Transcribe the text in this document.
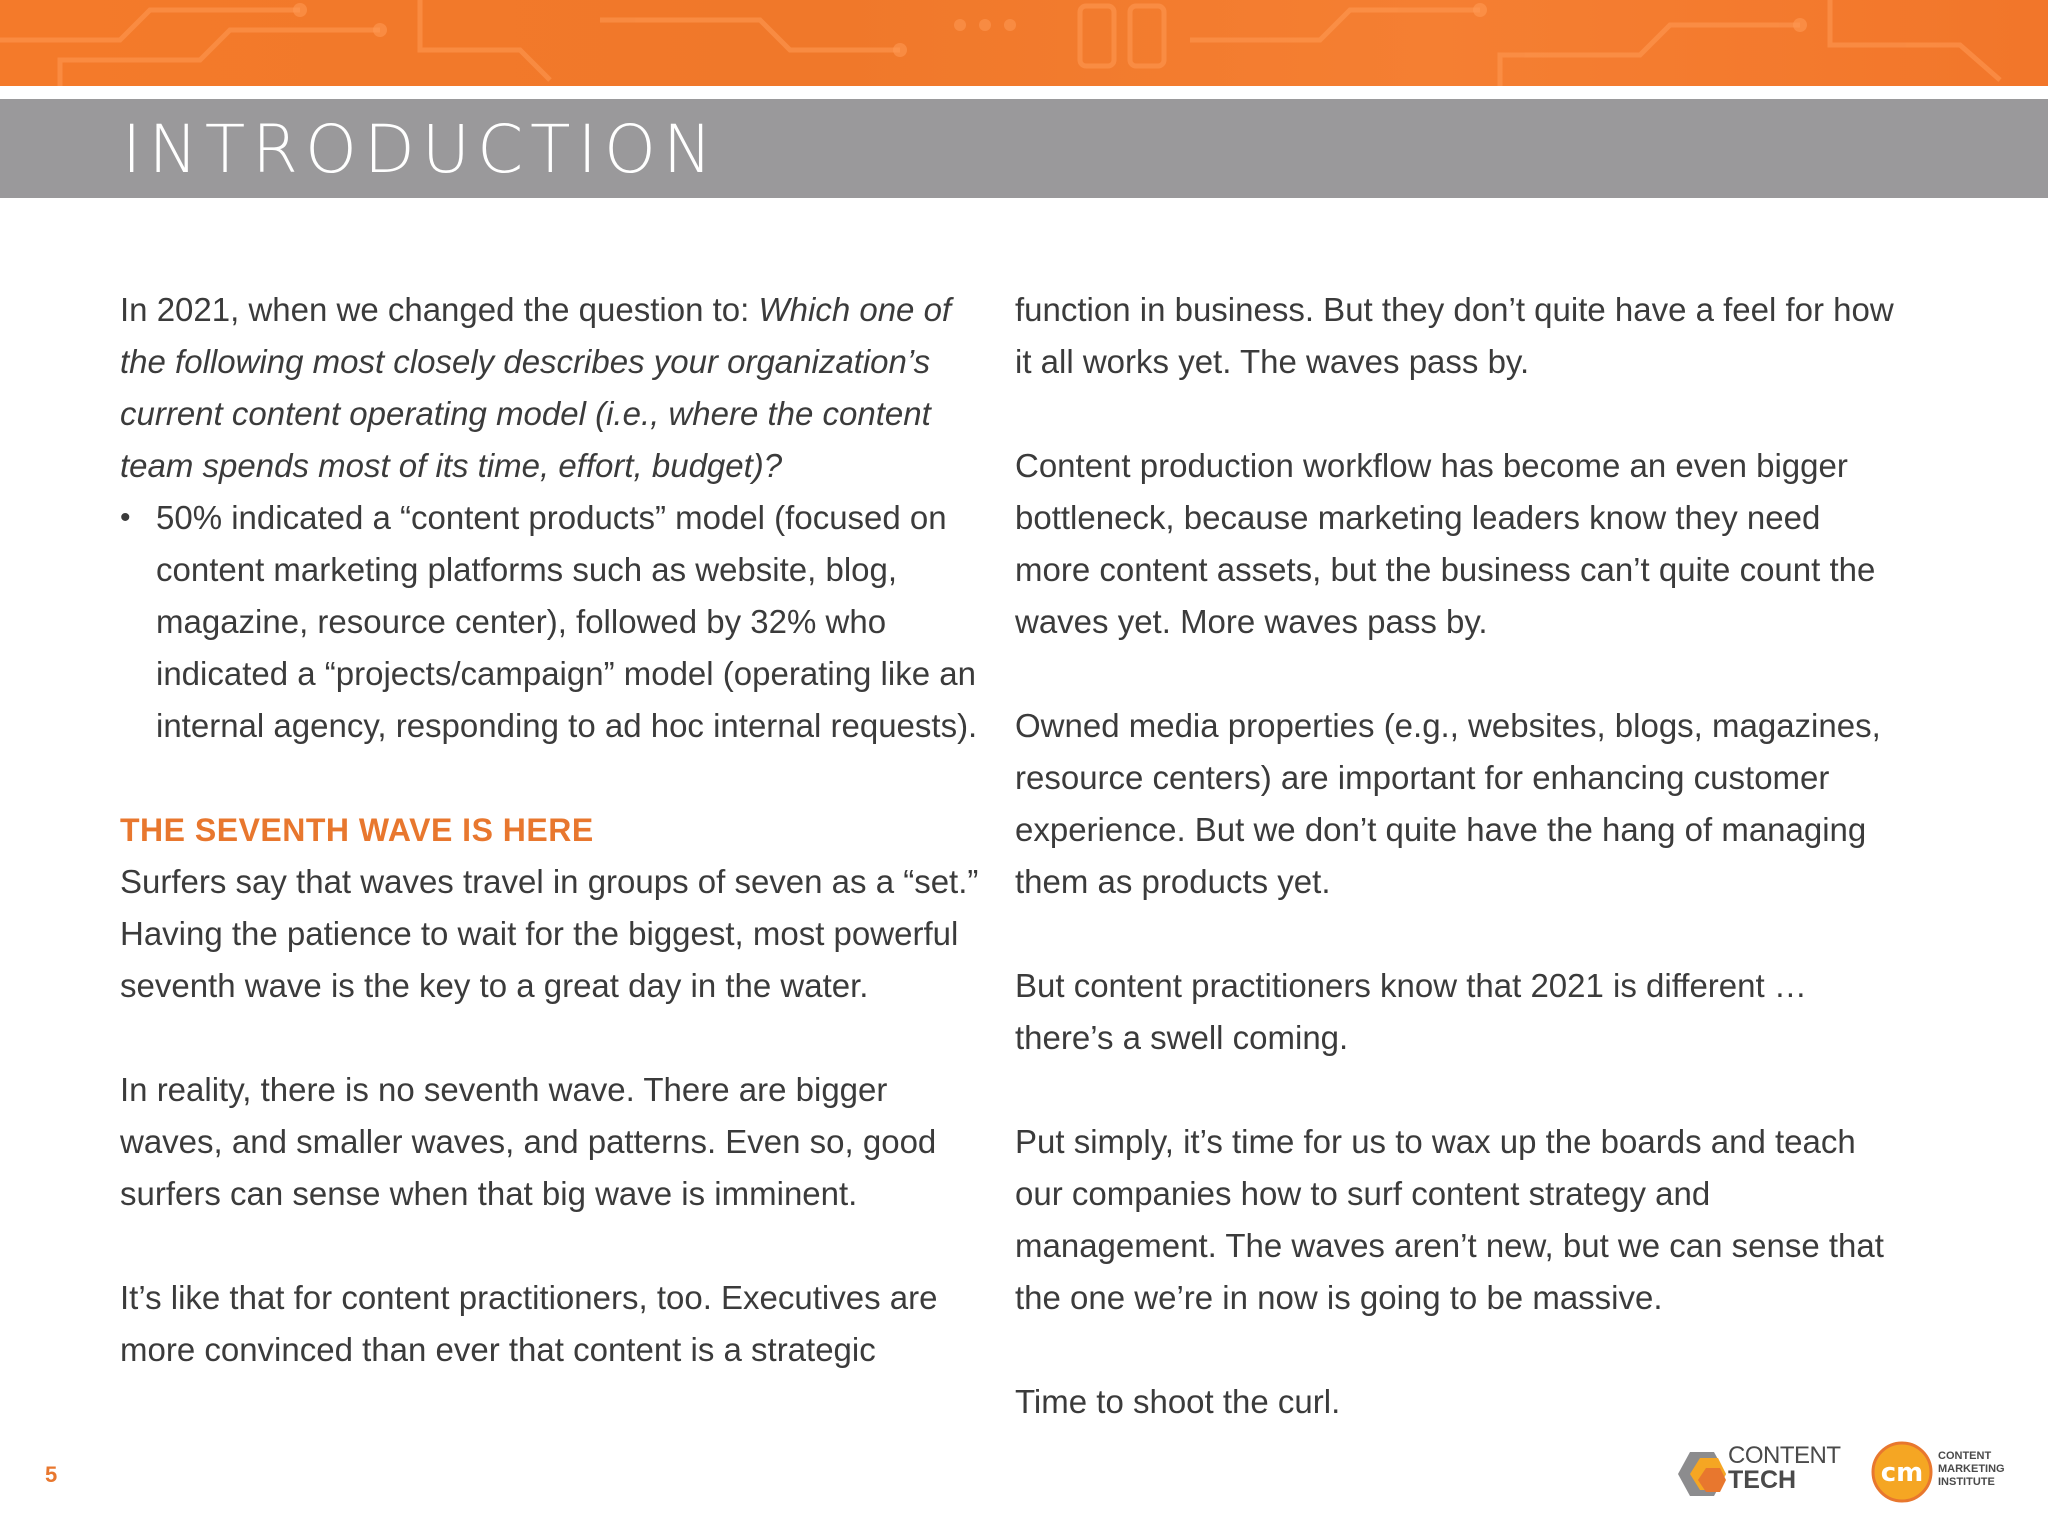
INTRODUCTION

In 2021, when we changed the question to: Which one of the following most closely describes your organization’s current content operating model (i.e., where the content team spends most of its time, effort, budget)?

• 50% indicated a “content products” model (focused on content marketing platforms such as website, blog, magazine, resource center), followed by 32% who indicated a “projects/campaign” model (operating like an internal agency, responding to ad hoc internal requests).
THE SEVENTH WAVE IS HERE

Surfers say that waves travel in groups of seven as a “set.” Having the patience to wait for the biggest, most powerful seventh wave is the key to a great day in the water.

In reality, there is no seventh wave. There are bigger waves, and smaller waves, and patterns. Even so, good surfers can sense when that big wave is imminent.

It’s like that for content practitioners, too. Executives are more convinced than ever that content is a strategic

function in business. But they don’t quite have a feel for how it all works yet. The waves pass by.

Content production workflow has become an even bigger bottleneck, because marketing leaders know they need more content assets, but the business can’t quite count the waves yet. More waves pass by.

Owned media properties (e.g., websites, blogs, magazines, resource centers) are important for enhancing customer experience. But we don’t quite have the hang of managing them as products yet.

But content practitioners know that 2021 is different … there’s a swell coming.

Put simply, it’s time for us to wax up the boards and teach our companies how to surf content strategy and management. The waves aren’t new, but we can sense that the one we’re in now is going to be massive.

Time to shoot the curl.

5
CONTENT
TECH	cm
CONTENT
MARKETING
INSTITUTE
